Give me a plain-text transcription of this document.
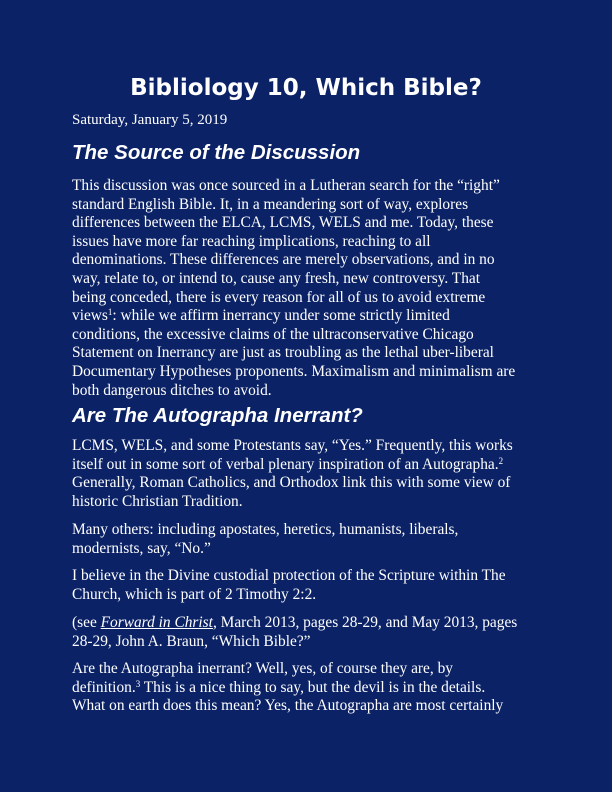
Bibliology 10, Which Bible?
Saturday, January 5, 2019
The Source of the Discussion

This discussion was once sourced in a Lutheran search for the “right”
standard English Bible. It, in a meandering sort of way, explores
differences between the ELCA, LCMS, WELS and me. Today, these
issues have more far reaching implications, reaching to all
denominations. These differences are merely observations, and in no
way, relate to, or intend to, cause any fresh, new controversy. That
being conceded, there is every reason for all of us to avoid extreme
views$^1$: while we affirm inerrancy under some strictly limited
conditions, the excessive claims of the ultraconservative Chicago
Statement on Inerrancy are just as troubling as the lethal uber-liberal
Documentary Hypotheses proponents. Maximalism and minimalism are
both dangerous ditches to avoid.

Are The Autographa Inerrant?

LCMS, WELS, and some Protestants say, “Yes.” Frequently, this works
itself out in some sort of verbal plenary inspiration of an Autographa.$^2$
Generally, Roman Catholics, and Orthodox link this with some view of
historic Christian Tradition.

Many others: including apostates, heretics, humanists, liberals,
modernists, say, “No.”

I believe in the Divine custodial protection of the Scripture within The
Church, which is part of 2 Timothy 2:2.

(see Forward in Christ, March 2013, pages 28-29, and May 2013, pages
28-29, John A. Braun, “Which Bible?”

Are the Autographa inerrant? Well, yes, of course they are, by
definition.$^3$ This is a nice thing to say, but the devil is in the details.
What on earth does this mean? Yes, the Autographa are most certainly
